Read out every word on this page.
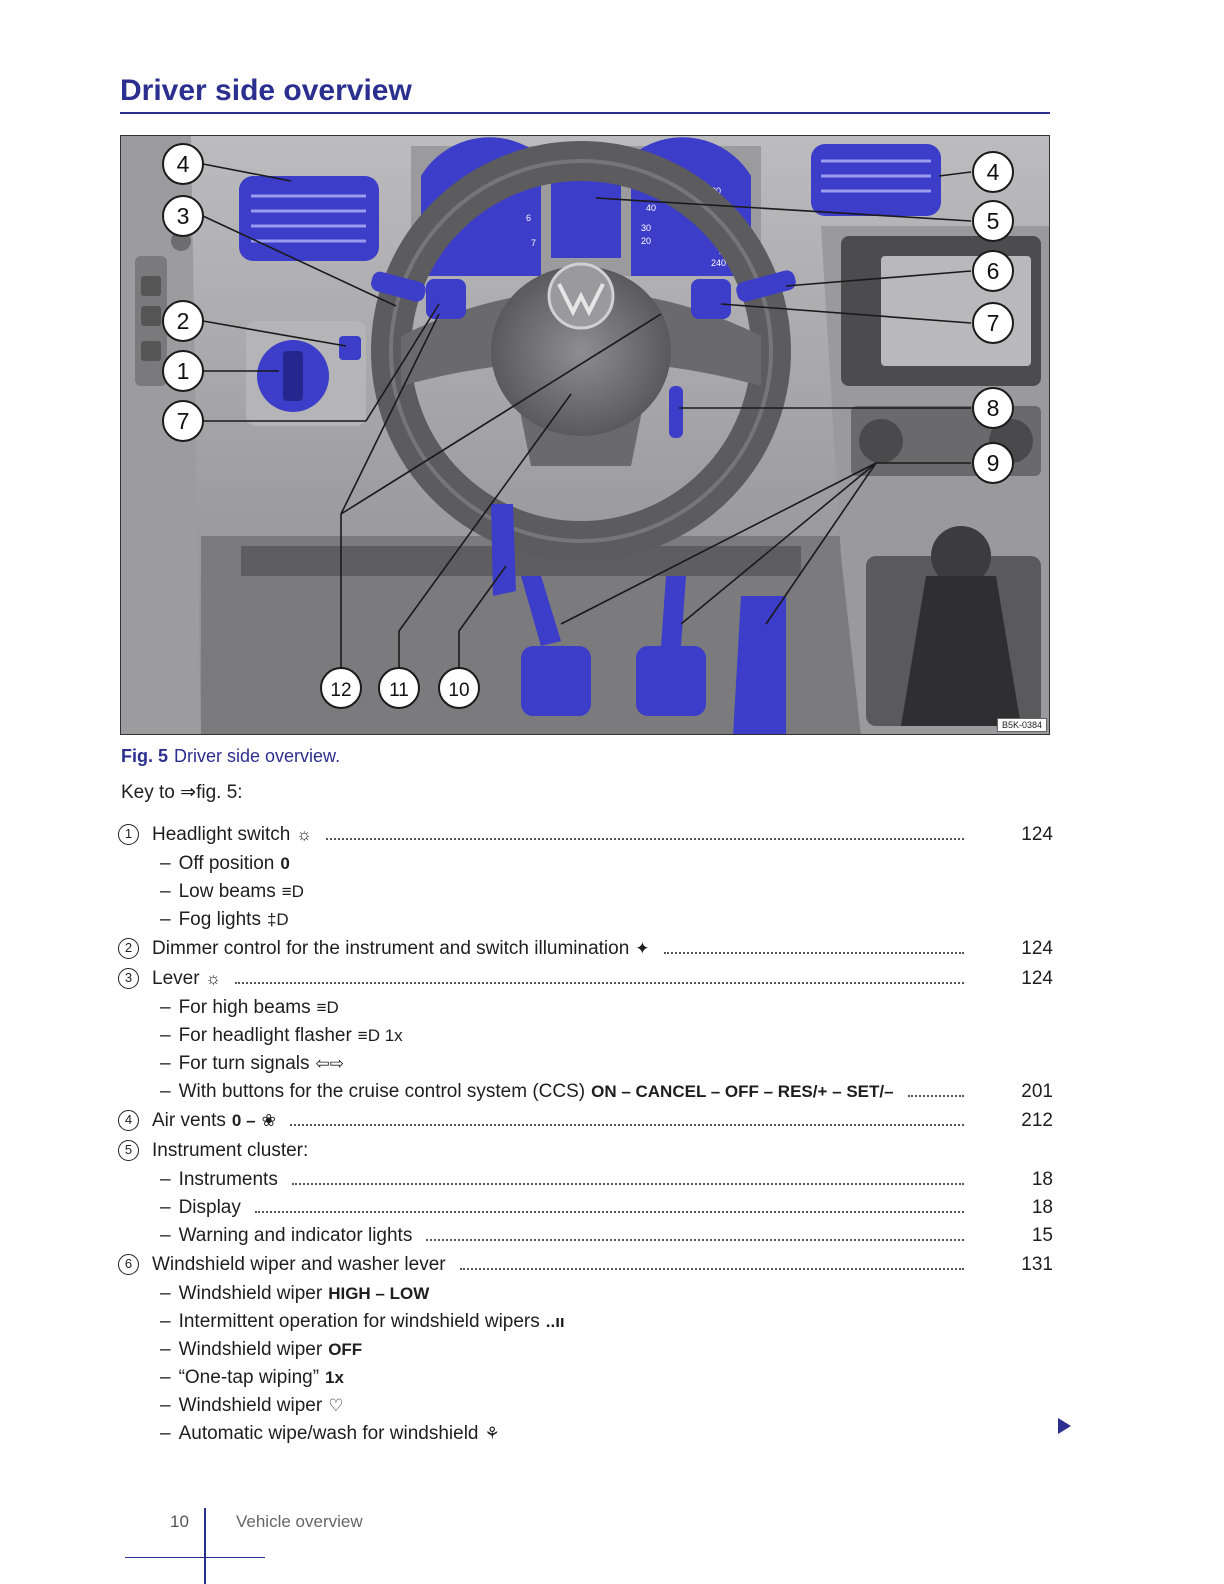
Driver side overview
4
5
6
7
80
100
120
160
200
220
240
40
30
20
4
3
2
1
7
4
5
6
7
8
9
12 11 10
B5K-0384
Fig. 5 Driver side overview.
Key to ⇒fig. 5:
1	Headlight switch ☼	124
– Off position 0
– Low beams ≡D
– Fog lights ‡D
2	Dimmer control for the instrument and switch illumination ✦	124
3	Lever ☼	124
– For high beams ≡D
– For headlight flasher ≡D 1x
– For turn signals ⇦⇨
– With buttons for the cruise control system (CCS) ON – CANCEL – OFF – RES/+ – SET/–	201
4	Air vents 0 – ❀	212
5	Instrument cluster:
– Instruments	18
– Display	18
– Warning and indicator lights	15
6	Windshield wiper and washer lever	131
– Windshield wiper HIGH – LOW
– Intermittent operation for windshield wipers ..ıı
– Windshield wiper OFF
– “One-tap wiping” 1x
– Windshield wiper ♡
– Automatic wipe/wash for windshield ⚘
10	Vehicle overview
